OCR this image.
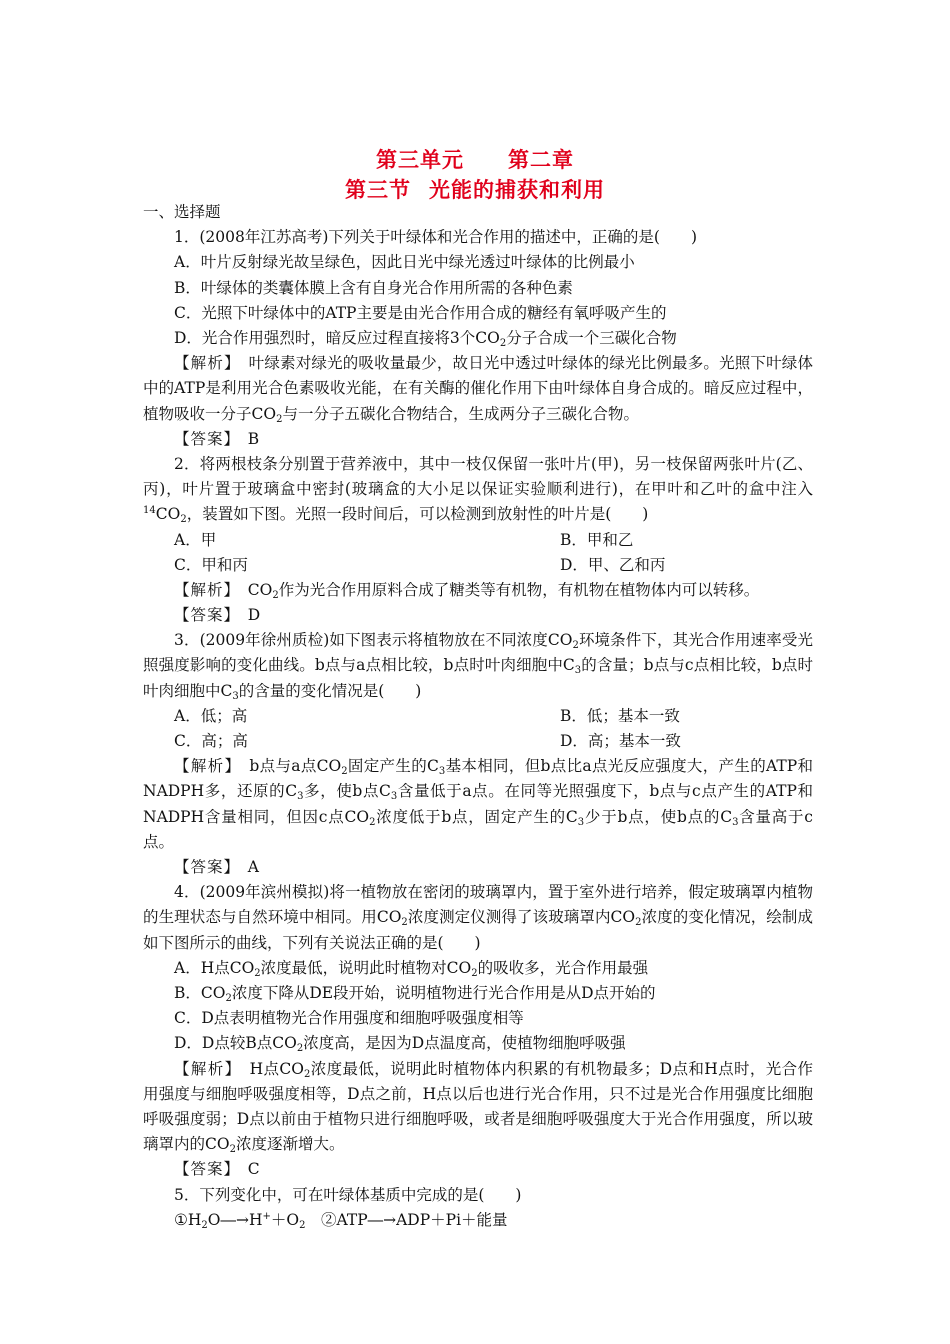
第三单元 第二章
第三节 光能的捕获和利用
一、选择题
1．(2008年江苏高考)下列关于叶绿体和光合作用的描述中，正确的是(　　)
A．叶片反射绿光故呈绿色，因此日光中绿光透过叶绿体的比例最小
B．叶绿体的类囊体膜上含有自身光合作用所需的各种色素
C．光照下叶绿体中的ATP主要是由光合作用合成的糖经有氧呼吸产生的
D．光合作用强烈时，暗反应过程直接将3个$CO_2$分子合成一个三碳化合物
【解析】　 叶绿素对绿光的吸收量最少，故日光中透过叶绿体的绿光比例最多。光照下叶绿体中的ATP是利用光合色素吸收光能，在有关酶的催化作用下由叶绿体自身合成的。暗反应过程中，植物吸收一分子$CO_2$与一分子五碳化合物结合，生成两分子三碳化合物。
【答案】　 B
2．将两根枝条分别置于营养液中，其中一枝仅保留一张叶片(甲)，另一枝保留两张叶片(乙、丙)，叶片置于玻璃盒中密封(玻璃盒的大小足以保证实验顺利进行)，在甲叶和乙叶的盒中注入$^{14}CO_2$，装置如下图。光照一段时间后，可以检测到放射性的叶片是(　　)
A．甲	B．甲和乙
C．甲和丙	D．甲、乙和丙
【解析】　 $CO_2$作为光合作用原料合成了糖类等有机物，有机物在植物体内可以转移。
【答案】　 D
3．(2009年徐州质检)如下图表示将植物放在不同浓度$CO_2$环境条件下，其光合作用速率受光照强度影响的变化曲线。b点与a点相比较，b点时叶肉细胞中$C_3$的含量；b点与c点相比较，b点时叶肉细胞中$C_3$的含量的变化情况是(　　)
A．低；高	B．低；基本一致
C．高；高	D．高；基本一致
【解析】　 b点与a点$CO_2$固定产生的$C_3$基本相同，但b点比a点光反应强度大，产生的ATP和NADPH多，还原的$C_3$多，使b点$C_3$含量低于a点。在同等光照强度下，b点与c点产生的ATP和NADPH含量相同，但因c点$CO_2$浓度低于b点，固定产生的$C_3$少于b点，使b点的$C_3$含量高于c点。
【答案】　 A
4．(2009年滨州模拟)将一植物放在密闭的玻璃罩内，置于室外进行培养，假定玻璃罩内植物的生理状态与自然环境中相同。用$CO_2$浓度测定仪测得了该玻璃罩内$CO_2$浓度的变化情况，绘制成如下图所示的曲线，下列有关说法正确的是(　　)
A．H点$CO_2$浓度最低，说明此时植物对$CO_2$的吸收多，光合作用最强
B．$CO_2$浓度下降从DE段开始，说明植物进行光合作用是从D点开始的
C．D点表明植物光合作用强度和细胞呼吸强度相等
D．D点较B点$CO_2$浓度高，是因为D点温度高，使植物细胞呼吸强
【解析】　 H点$CO_2$浓度最低，说明此时植物体内积累的有机物最多；D点和H点时，光合作用强度与细胞呼吸强度相等，D点之前，H点以后也进行光合作用，只不过是光合作用强度比细胞呼吸强度弱；D点以前由于植物只进行细胞呼吸，或者是细胞呼吸强度大于光合作用强度，所以玻璃罩内的$CO_2$浓度逐渐增大。
【答案】　 C
5．下列变化中，可在叶绿体基质中完成的是(　　)
$①H_2O―\to H^++O_2$　 ②ATP―→ADP＋Pi＋能量
